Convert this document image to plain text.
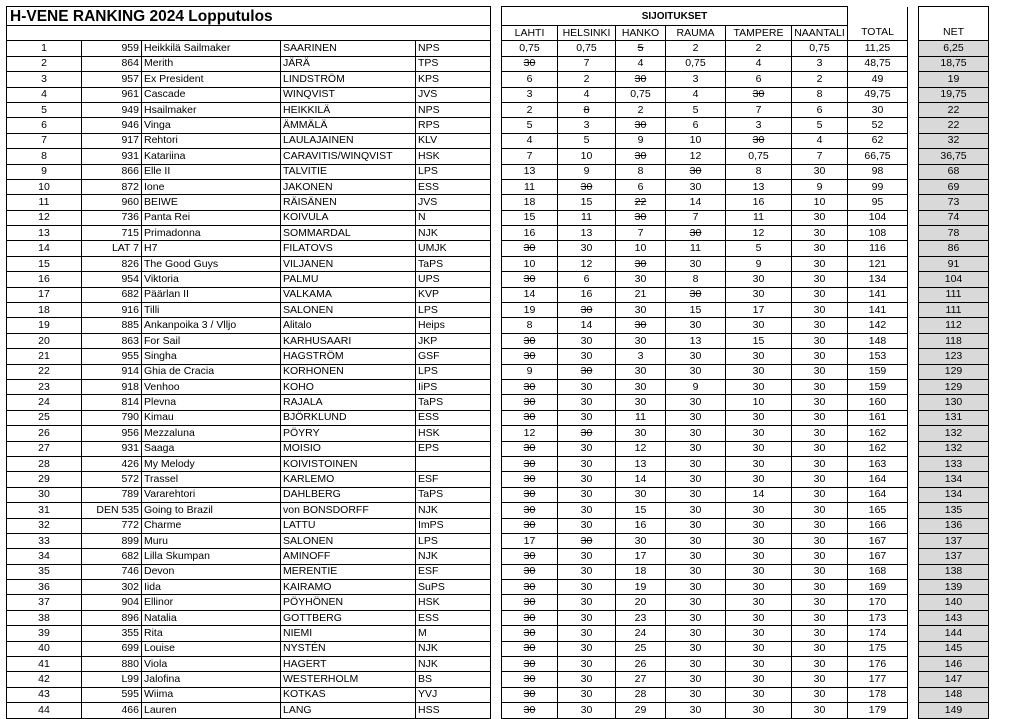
H-VENE RANKING 2024 Lopputulos						SIJOITUKSET								
						LAHTI	HELSINKI	HANKO	RAUMA	TAMPERE	NAANTALI	TOTAL		NET
1	959	Heikkilä Sailmaker	SAARINEN	NPS		0,75	0,75	5	2	2	0,75	11,25		6,25
2	864	Merith	JÄRÄ	TPS		30	7	4	0,75	4	3	48,75		18,75
3	957	Ex President	LINDSTRÖM	KPS		6	2	30	3	6	2	49		19
4	961	Cascade	WINQVIST	JVS		3	4	0,75	4	30	8	49,75		19,75
5	949	Hsailmaker	HEIKKILÄ	NPS		2	8	2	5	7	6	30		22
6	946	Vinga	ÄMMÄLÄ	RPS		5	3	30	6	3	5	52		22
7	917	Rehtori	LAULAJAINEN	KLV		4	5	9	10	30	4	62		32
8	931	Katariina	CARAVITIS/WINQVIST	HSK		7	10	30	12	0,75	7	66,75		36,75
9	866	Elle II	TALVITIE	LPS		13	9	8	30	8	30	98		68
10	872	Ione	JAKONEN	ESS		11	30	6	30	13	9	99		69
11	960	BEIWE	RÄISÄNEN	JVS		18	15	22	14	16	10	95		73
12	736	Panta Rei	KOIVULA	N		15	11	30	7	11	30	104		74
13	715	Primadonna	SOMMARDAL	NJK		16	13	7	30	12	30	108		78
14	LAT 7	H7	FILATOVS	UMJK		30	30	10	11	5	30	116		86
15	826	The Good Guys	VILJANEN	TaPS		10	12	30	30	9	30	121		91
16	954	Viktoria	PALMU	UPS		30	6	30	8	30	30	134		104
17	682	Päärlan II	VALKAMA	KVP		14	16	21	30	30	30	141		111
18	916	Tilli	SALONEN	LPS		19	30	30	15	17	30	141		111
19	885	Ankanpoika 3 / Vlljo	Alitalo	Heips		8	14	30	30	30	30	142		112
20	863	For Sail	KARHUSAARI	JKP		30	30	30	13	15	30	148		118
21	955	Singha	HAGSTRÖM	GSF		30	30	3	30	30	30	153		123
22	914	Ghia de Cracia	KORHONEN	LPS		9	30	30	30	30	30	159		129
23	918	Venhoo	KOHO	IiPS		30	30	30	9	30	30	159		129
24	814	Plevna	RAJALA	TaPS		30	30	30	30	10	30	160		130
25	790	Kimau	BJÖRKLUND	ESS		30	30	11	30	30	30	161		131
26	956	Mezzaluna	PÖYRY	HSK		12	30	30	30	30	30	162		132
27	931	Saaga	MOISIO	EPS		30	30	12	30	30	30	162		132
28	426	My Melody	KOIVISTOINEN			30	30	13	30	30	30	163		133
29	572	Trassel	KARLEMO	ESF		30	30	14	30	30	30	164		134
30	789	Vararehtori	DAHLBERG	TaPS		30	30	30	30	14	30	164		134
31	DEN 535	Going to Brazil	von BONSDORFF	NJK		30	30	15	30	30	30	165		135
32	772	Charme	LATTU	ImPS		30	30	16	30	30	30	166		136
33	899	Muru	SALONEN	LPS		17	30	30	30	30	30	167		137
34	682	Lilla Skumpan	AMINOFF	NJK		30	30	17	30	30	30	167		137
35	746	Devon	MERENTIE	ESF		30	30	18	30	30	30	168		138
36	302	Iida	KAIRAMO	SuPS		30	30	19	30	30	30	169		139
37	904	Ellinor	PÖYHÖNEN	HSK		30	30	20	30	30	30	170		140
38	896	Natalia	GOTTBERG	ESS		30	30	23	30	30	30	173		143
39	355	Rita	NIEMI	M		30	30	24	30	30	30	174		144
40	699	Louise	NYSTÉN	NJK		30	30	25	30	30	30	175		145
41	880	Viola	HAGERT	NJK		30	30	26	30	30	30	176		146
42	L99	Jalofina	WESTERHOLM	BS		30	30	27	30	30	30	177		147
43	595	Wiima	KOTKAS	YVJ		30	30	28	30	30	30	178		148
44	466	Lauren	LANG	HSS		30	30	29	30	30	30	179		149
